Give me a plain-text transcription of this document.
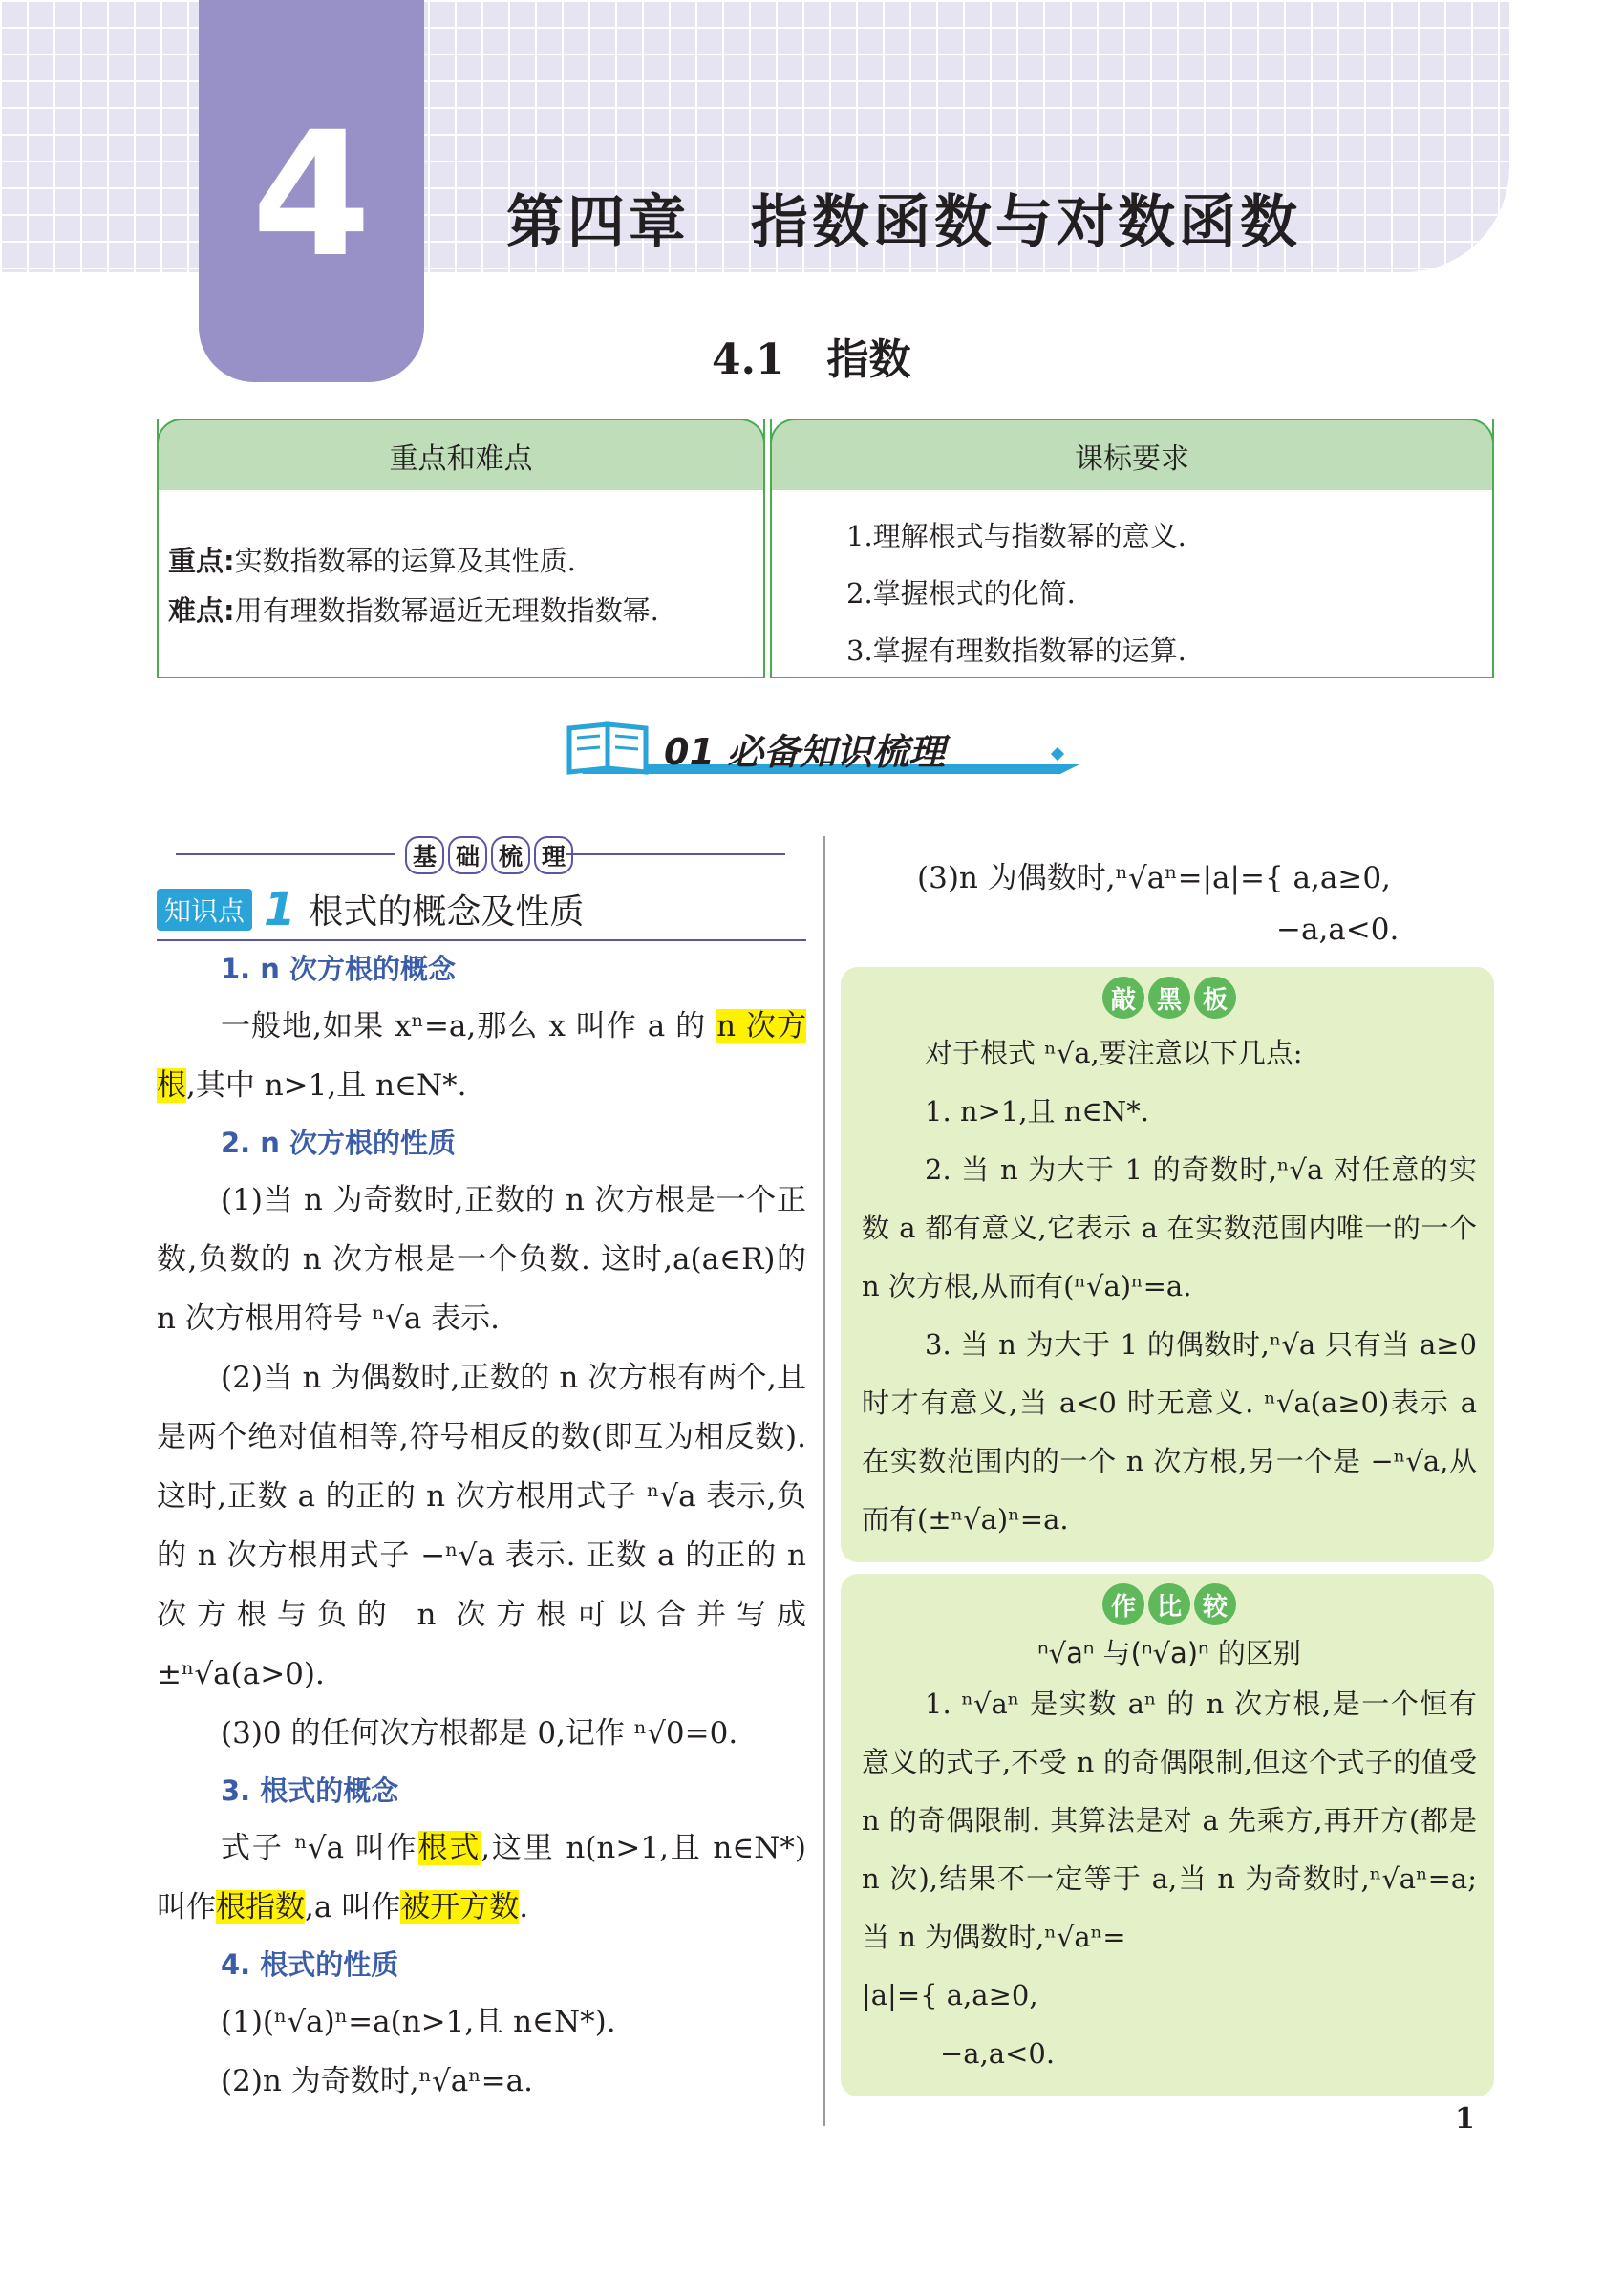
4 第四章　指数函数与对数函数
4.1　指数
重点和难点
重点:实数指数幂的运算及其性质.
难点:用有理数指数幂逼近无理数指数幂.
课标要求
1.理解根式与指数幂的意义.
2.掌握根式的化简.
3.掌握有理数指数幂的运算.
01 必备知识梳理
基 础 梳 理
知识点 1 根式的概念及性质
1. n 次方根的概念

一般地,如果 xⁿ=a,那么 x 叫作 a 的 n 次方根,其中 n>1,且 n∈N*.

2. n 次方根的性质

(1)当 n 为奇数时,正数的 n 次方根是一个正数,负数的 n 次方根是一个负数. 这时,a(a∈R)的 n 次方根用符号 ⁿ√a 表示.

(2)当 n 为偶数时,正数的 n 次方根有两个,且是两个绝对值相等,符号相反的数(即互为相反数). 这时,正数 a 的正的 n 次方根用式子 ⁿ√a 表示,负的 n 次方根用式子 −ⁿ√a 表示. 正数 a 的正的 n 次方根与负的 n 次方根可以合并写成 ±ⁿ√a(a>0).

(3)0 的任何次方根都是 0,记作 ⁿ√0=0.

3. 根式的概念

式子 ⁿ√a 叫作根式,这里 n(n>1,且 n∈N*)叫作根指数,a 叫作被开方数.

4. 根式的性质

(1)(ⁿ√a)ⁿ=a(n>1,且 n∈N*).

(2)n 为奇数时,ⁿ√aⁿ=a.

(3)n 为偶数时,ⁿ√aⁿ=|a|={ a,a≥0,
−a,a<0.
敲 黑 板

对于根式 ⁿ√a,要注意以下几点:

1. n>1,且 n∈N*.

2. 当 n 为大于 1 的奇数时,ⁿ√a 对任意的实数 a 都有意义,它表示 a 在实数范围内唯一的一个 n 次方根,从而有(ⁿ√a)ⁿ=a.

3. 当 n 为大于 1 的偶数时,ⁿ√a 只有当 a≥0 时才有意义,当 a<0 时无意义. ⁿ√a(a≥0)表示 a 在实数范围内的一个 n 次方根,另一个是 −ⁿ√a,从而有(±ⁿ√a)ⁿ=a.

作 比 较
ⁿ√aⁿ 与(ⁿ√a)ⁿ 的区别

1. ⁿ√aⁿ 是实数 aⁿ 的 n 次方根,是一个恒有意义的式子,不受 n 的奇偶限制,但这个式子的值受 n 的奇偶限制. 其算法是对 a 先乘方,再开方(都是 n 次),结果不一定等于 a,当 n 为奇数时,ⁿ√aⁿ=a;当 n 为偶数时,ⁿ√aⁿ=

|a|={ a,a≥0,

−a,a<0.

1
